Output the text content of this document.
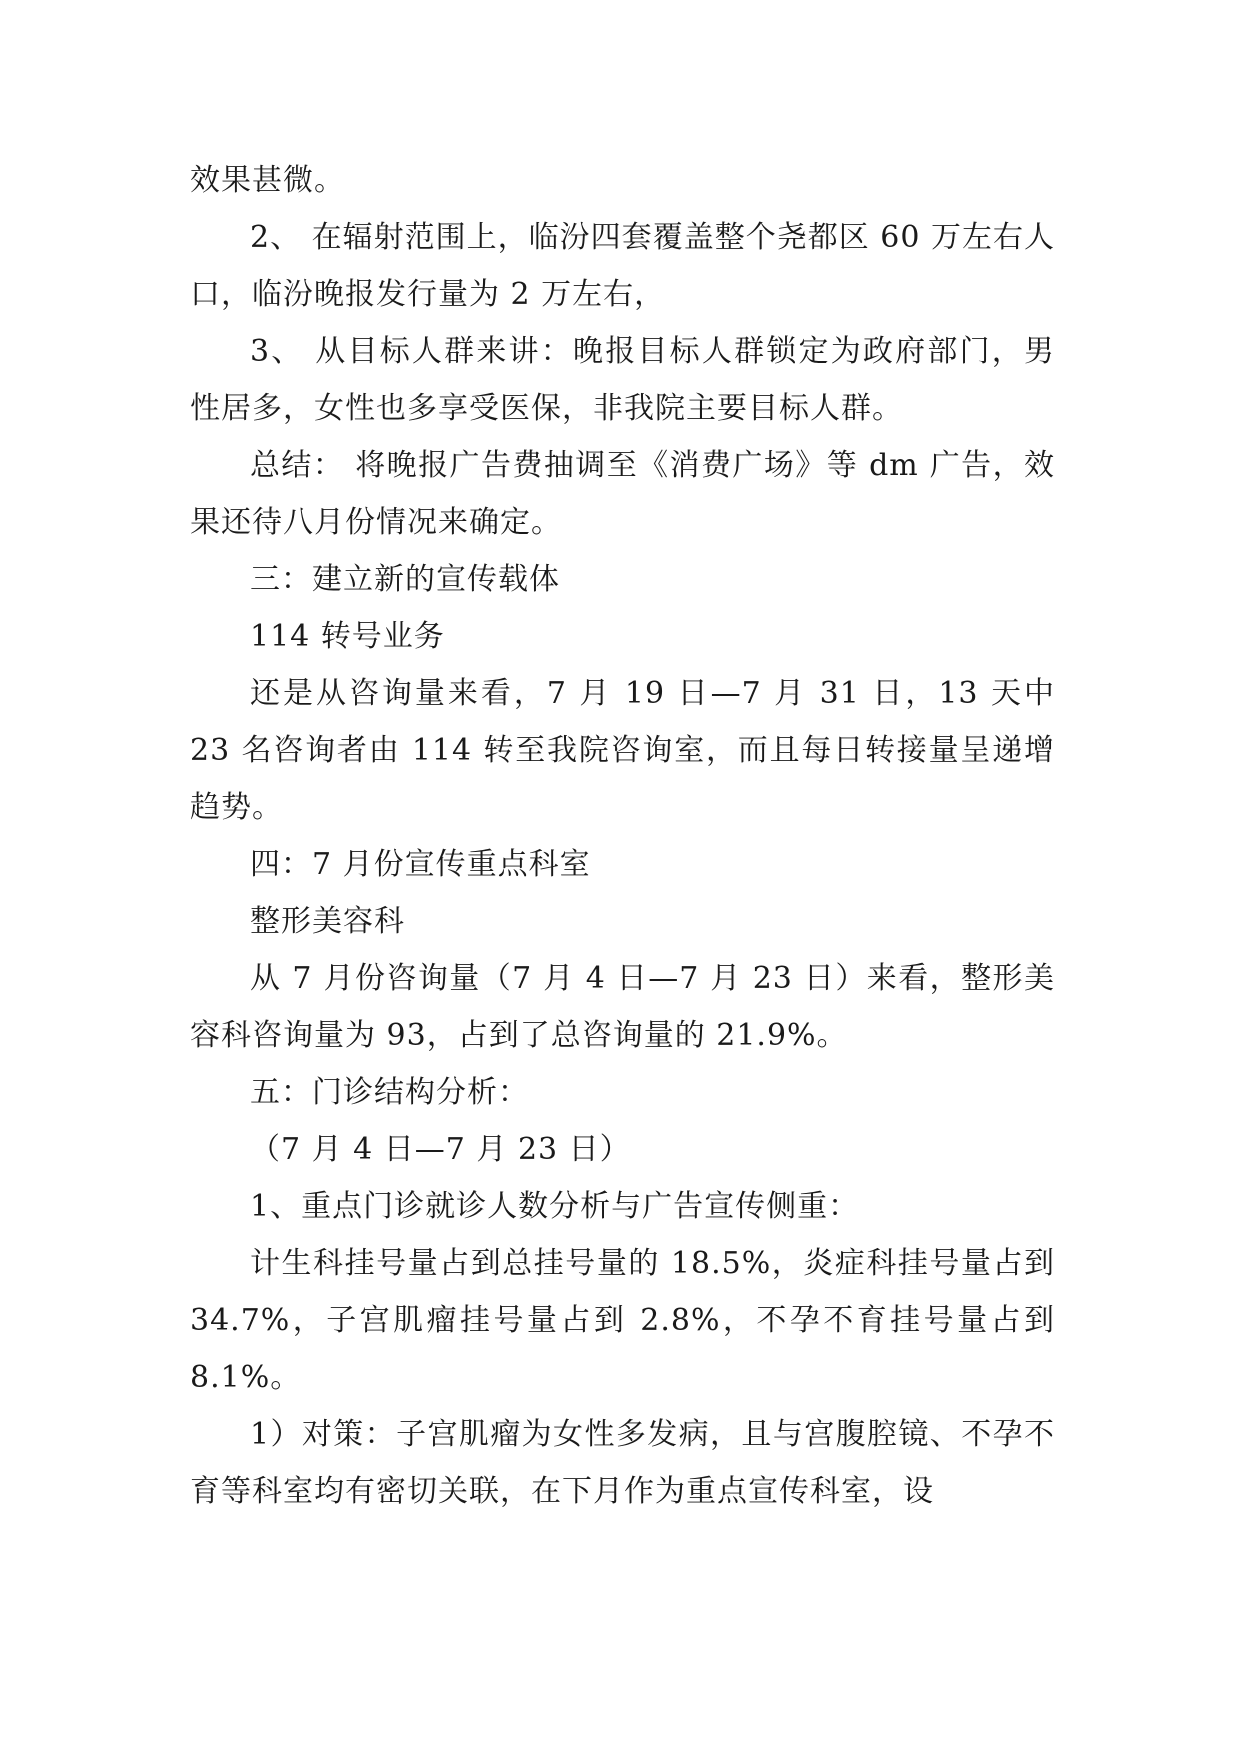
效果甚微。

2、 在辐射范围上，临汾四套覆盖整个尧都区 60 万左右人口，临汾晚报发行量为 2 万左右，

3、 从目标人群来讲：晚报目标人群锁定为政府部门，男性居多，女性也多享受医保，非我院主要目标人群。

总结： 将晚报广告费抽调至《消费广场》等 dm 广告，效果还待八月份情况来确定。

三：建立新的宣传载体

114 转号业务

还是从咨询量来看，7 月 19 日—7 月 31 日，13 天中 23 名咨询者由 114 转至我院咨询室，而且每日转接量呈递增趋势。

四：7 月份宣传重点科室

整形美容科

从 7 月份咨询量（7 月 4 日—7 月 23 日）来看，整形美容科咨询量为 93，占到了总咨询量的 21.9%。

五：门诊结构分析：

（7 月 4 日—7 月 23 日）

1、重点门诊就诊人数分析与广告宣传侧重：

计生科挂号量占到总挂号量的 18.5%，炎症科挂号量占到 34.7%，子宫肌瘤挂号量占到 2.8%，不孕不育挂号量占到 8.1%。

1）对策：子宫肌瘤为女性多发病，且与宫腹腔镜、不孕不育等科室均有密切关联，在下月作为重点宣传科室，设
